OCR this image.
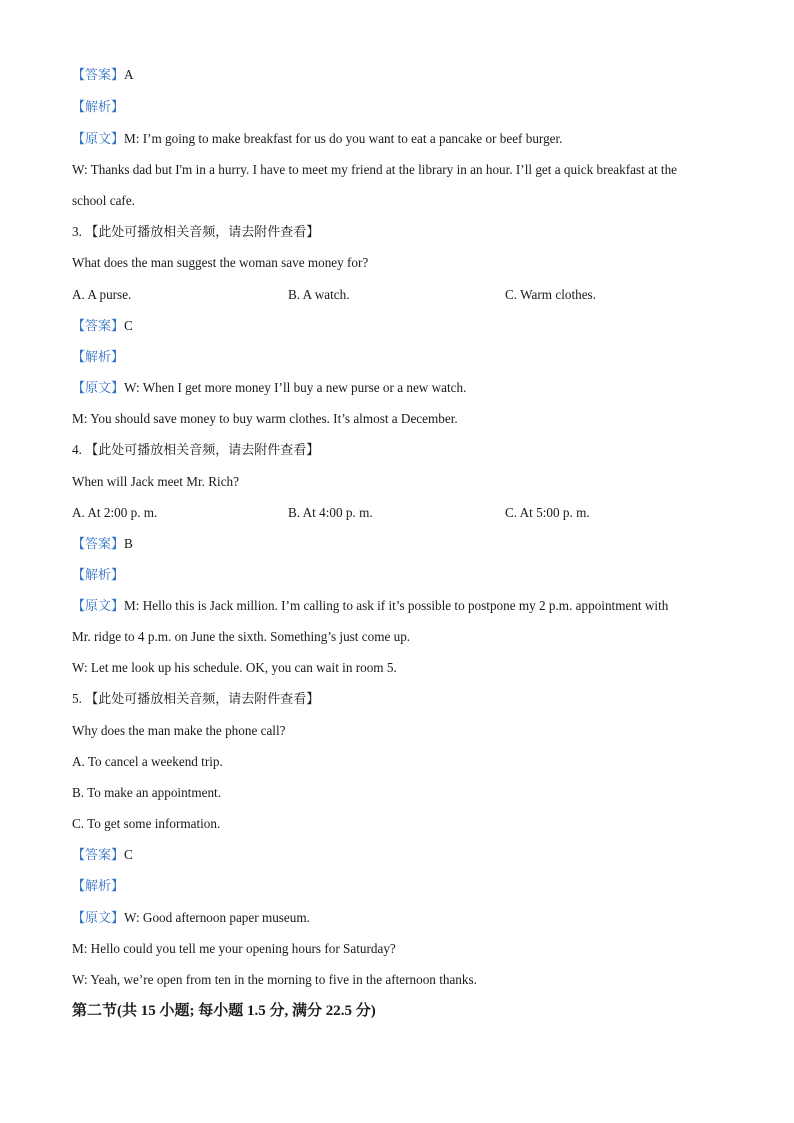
【答案】A
【解析】
【原文】M: I’m going to make breakfast for us do you want to eat a pancake or beef burger.
W: Thanks dad but I'm in a hurry. I have to meet my friend at the library in an hour. I’ll get a quick breakfast at the
school cafe.
3. 【此处可播放相关音频，请去附件查看】
What does the man suggest the woman save money for?
A. A purse.	B. A watch.	C. Warm clothes.
【答案】C
【解析】
【原文】W: When I get more money I’ll buy a new purse or a new watch.
M: You should save money to buy warm clothes. It’s almost a December.
4. 【此处可播放相关音频，请去附件查看】
When will Jack meet Mr. Rich?
A. At 2:00 p. m.	B. At 4:00 p. m.	C. At 5:00 p. m.
【答案】B
【解析】
【原文】M: Hello this is Jack million. I’m calling to ask if it’s possible to postpone my 2 p.m. appointment with
Mr. ridge to 4 p.m. on June the sixth. Something’s just come up.
W: Let me look up his schedule. OK, you can wait in room 5.
5. 【此处可播放相关音频，请去附件查看】
Why does the man make the phone call?
A. To cancel a weekend trip.
B. To make an appointment.
C. To get some information.
【答案】C
【解析】
【原文】W: Good afternoon paper museum.
M: Hello could you tell me your opening hours for Saturday?
W: Yeah, we’re open from ten in the morning to five in the afternoon thanks.
第二节(共 15 小题; 每小题 1.5 分, 满分 22.5 分)
